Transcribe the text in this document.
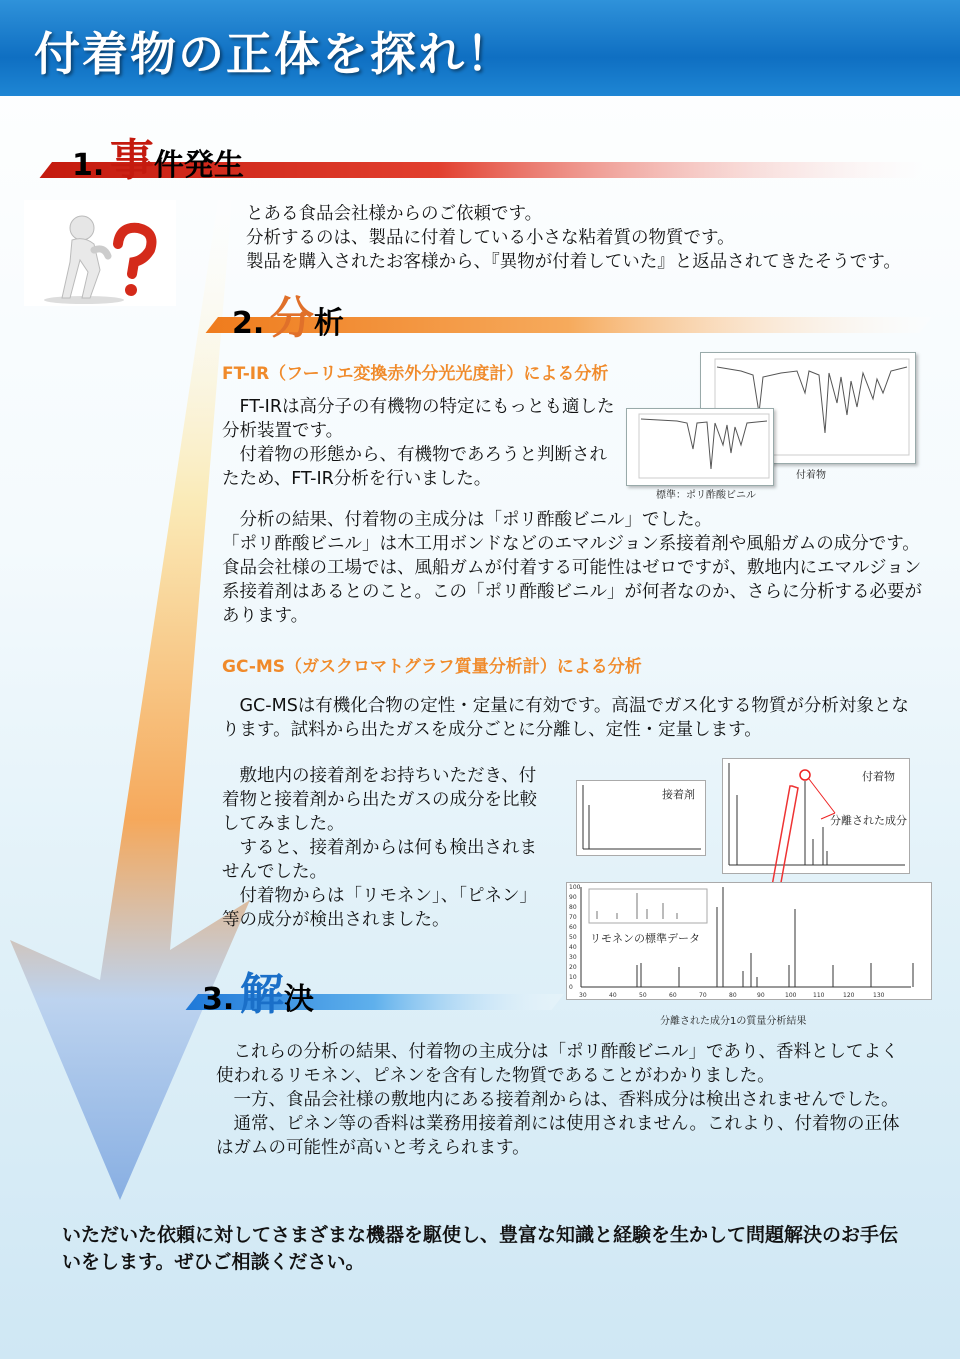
付着物の正体を探れ！
1. 事件発生
とある食品会社様からのご依頼です。
分析するのは、製品に付着している小さな粘着質の物質です。
製品を購入されたお客様から、『異物が付着していた』と返品されてきたそうです。
2. 分析
FT-IR（フーリエ変換赤外分光光度計）による分析
　FT-IRは高分子の有機物の特定にもっとも適した分析装置です。
　付着物の形態から、有機物であろうと判断されたため、FT-IR分析を行いました。	付着物
標準：ポリ酢酸ビニル
　分析の結果、付着物の主成分は「ポリ酢酸ビニル」でした。
「ポリ酢酸ビニル」は木工用ボンドなどのエマルジョン系接着剤や風船ガムの成分です。食品会社様の工場では、風船ガムが付着する可能性はゼロですが、敷地内にエマルジョン系接着剤はあるとのこと。この「ポリ酢酸ビニル」が何者なのか、さらに分析する必要があります。
GC-MS（ガスクロマトグラフ質量分析計）による分析
　GC-MSは有機化合物の定性・定量に有効です。高温でガス化する物質が分析対象となります。試料から出たガスを成分ごとに分離し、定性・定量します。
　敷地内の接着剤をお持ちいただき、付着物と接着剤から出たガスの成分を比較してみました。
　すると、接着剤からは何も検出されませんでした。
　付着物からは「リモネン」、「ピネン」等の成分が検出されました。
接着剤
付着物
分離された成分
100
90
80
70
60
50
40
30
20
10
0
30	40	50	60	70	80	90	100	110	120	130
リモネンの標準データ
分離された成分1の質量分析結果
3. 解決
　これらの分析の結果、付着物の主成分は「ポリ酢酸ビニル」であり、香料としてよく使われるリモネン、ピネンを含有した物質であることがわかりました。
　一方、食品会社様の敷地内にある接着剤からは、香料成分は検出されませんでした。
　通常、ピネン等の香料は業務用接着剤には使用されません。これより、付着物の正体はガムの可能性が高いと考えられます。
いただいた依頼に対してさまざまな機器を駆使し、豊富な知識と経験を生かして問題解決のお手伝いをします。ぜひご相談ください。
